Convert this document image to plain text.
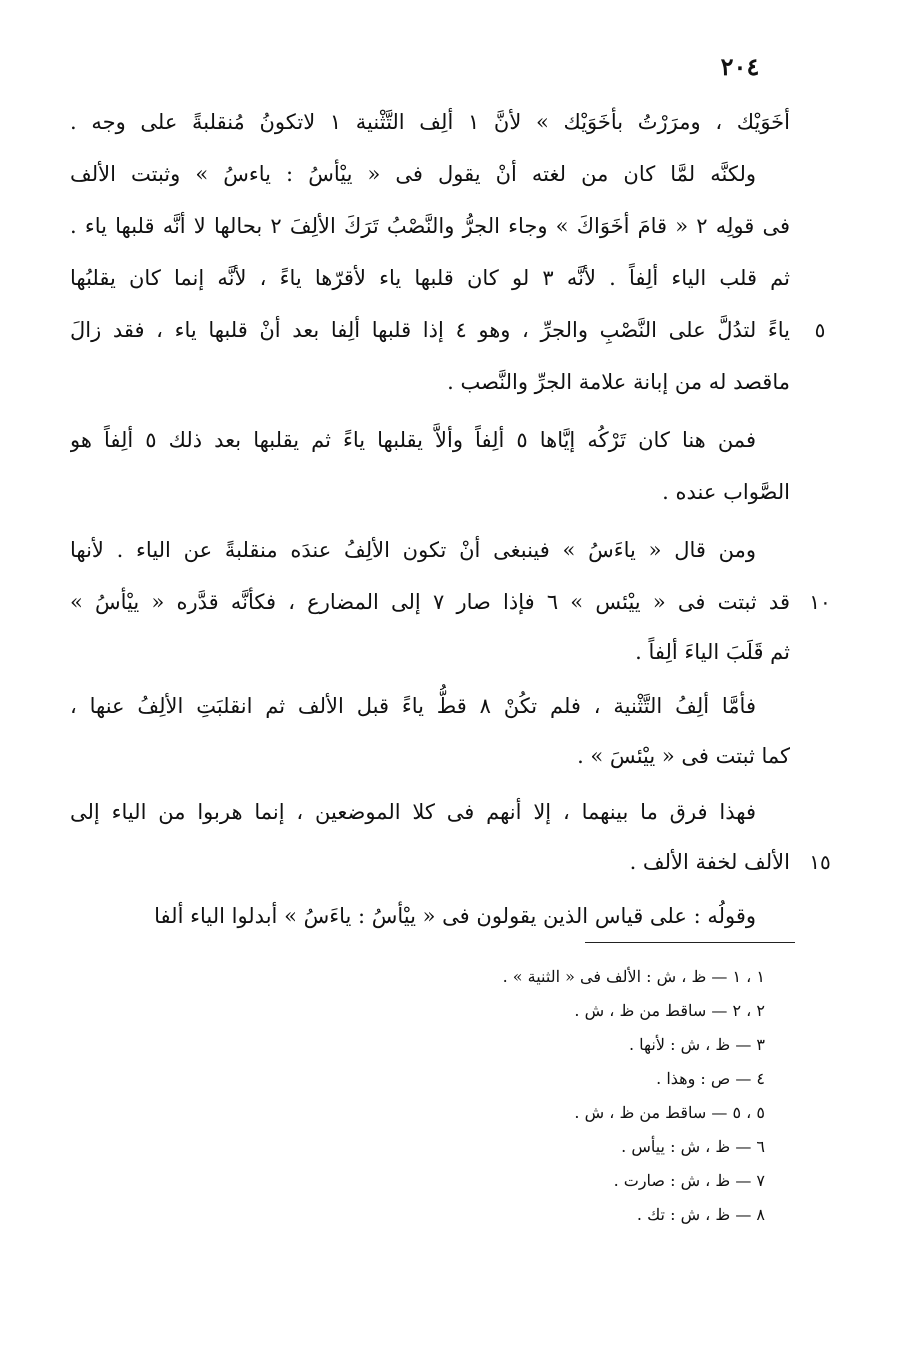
٢٠٤
أخَوَيْك ، ومرَرْتُ بأخَوَيْك » لأنَّ ١ ألِف التَّثْنية ١ لاتكونُ مُنقلبةً على وجه .
ولكنَّه لمَّا كان من لغته أنْ يقول فى « ييْأسُ : ياءسُ » وثبتت الألف
فى قولِه ٢ « قامَ أخَوَاكَ » وجاء الجرُّ والنَّصْبُ تَرَكَ الألِفَ ٢ بحالها لا أنَّه قلبها ياء .
ثم قلب الياء ألِفاً . لأنَّه ٣ لو كان قلبها ياء لأقرّها ياءً ، لأنَّه إنما كان يقلبُها
ياءً لتدُلَّ على النَّصْبِ والجرِّ ، وهو ٤ إذا قلبها ألِفا بعد أنْ قلبها ياء ، فقد زالَ
ماقصد له من إبانة علامة الجرِّ والنَّصب .
فمن هنا كان تَرْكُه إيَّاها ٥ ألِفاً وألاَّ يقلبها ياءً ثم يقلبها بعد ذلك ٥ ألِفاً هو
الصَّواب عنده .
ومن قال « ياءَسُ » فينبغى أنْ تكون الألِفُ عندَه منقلبةً عن الياء . لأنها
قد ثبتت فى « ييْئس » ٦ فإذا صار ٧ إلى المضارع ، فكأنَّه قدَّره « ييْأسُ »
ثم قَلَبَ الياءَ ألِفاً .
فأمَّا ألِفُ التَّثْنية ، فلم تكُنْ ٨ قطُّ ياءً قبل الألف ثم انقلبَتِ الألِفُ عنها ،
كما ثبتت فى « ييْئسَ » .
فهذا فرق ما بينهما ، إلا أنهم فى كلا الموضعين ، إنما هربوا من الياء إلى
الألف لخفة الألف .
وقولُه : على قياس الذين يقولون فى « ييْأسُ : ياءَسُ » أبدلوا الياء ألفا
٥
١٠
١٥
١ ، ١ — ظ ، ش : الألف فى « الثنية » .
٢ ، ٢ — ساقط من ظ ، ش .
٣ — ظ ، ش : لأنها .
٤ — ص : وهذا .
٥ ، ٥ — ساقط من ظ ، ش .
٦ — ظ ، ش : ييأس .
٧ — ظ ، ش : صارت .
٨ — ظ ، ش : تك .
